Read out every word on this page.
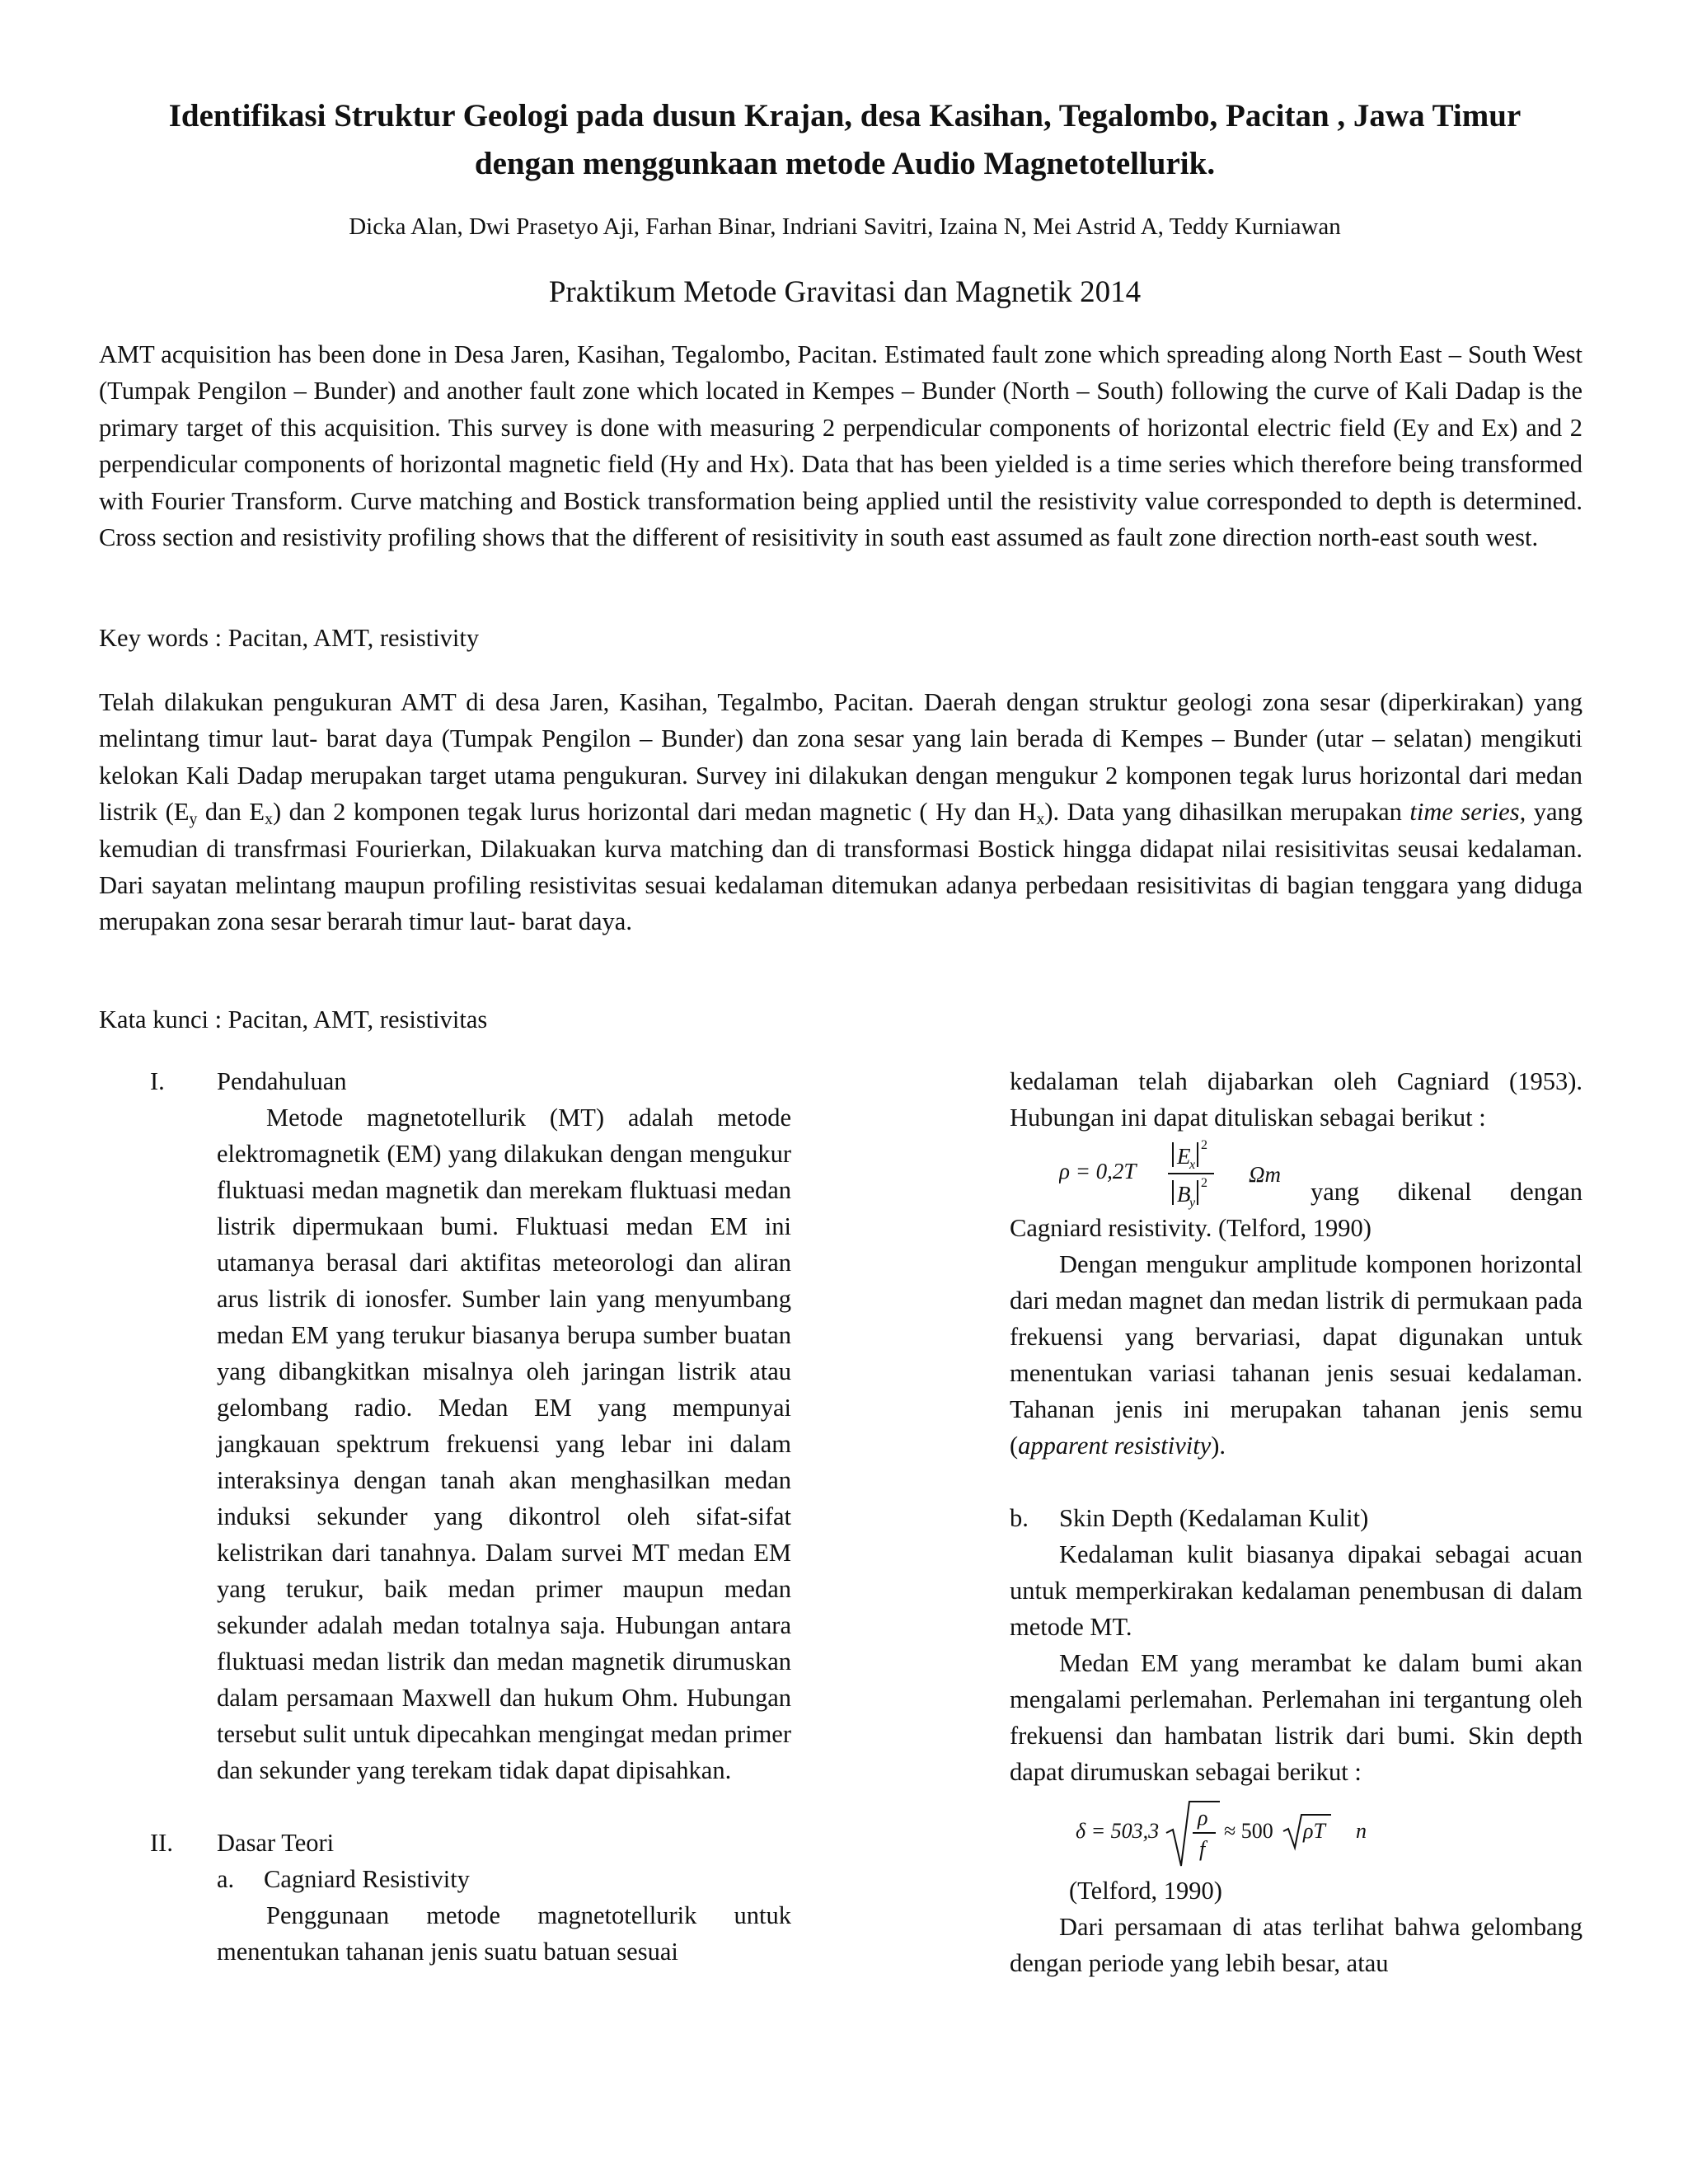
Identifikasi Struktur Geologi pada dusun Krajan, desa Kasihan, Tegalombo, Pacitan , Jawa Timur
dengan menggunkaan metode Audio Magnetotellurik.
Dicka Alan, Dwi Prasetyo Aji, Farhan Binar, Indriani Savitri, Izaina N, Mei Astrid A, Teddy Kurniawan
Praktikum Metode Gravitasi dan Magnetik 2014

AMT acquisition has been done in Desa Jaren, Kasihan, Tegalombo, Pacitan. Estimated fault zone which spreading along North East – South West (Tumpak Pengilon – Bunder) and another fault zone which located in Kempes – Bunder (North – South) following the curve of Kali Dadap is the primary target of this acquisition. This survey is done with measuring 2 perpendicular components of horizontal electric field (Ey and Ex) and 2 perpendicular components of horizontal magnetic field (Hy and Hx). Data that has been yielded is a time series which therefore being transformed with Fourier Transform. Curve matching and Bostick transformation being applied until the resistivity value corresponded to depth is determined. Cross section and resistivity profiling shows that the different of resisitivity in south east assumed as fault zone direction north-east south west.

Key words : Pacitan, AMT, resistivity

Telah dilakukan pengukuran AMT di desa Jaren, Kasihan, Tegalmbo, Pacitan. Daerah dengan struktur geologi zona sesar (diperkirakan) yang melintang timur laut- barat daya (Tumpak Pengilon – Bunder) dan zona sesar yang lain berada di Kempes – Bunder (utar – selatan) mengikuti kelokan Kali Dadap merupakan target utama pengukuran. Survey ini dilakukan dengan mengukur 2 komponen tegak lurus horizontal dari medan listrik ($E_y$ dan $E_x$) dan 2 komponen tegak lurus horizontal dari medan magnetic ( Hy dan $H_x$). Data yang dihasilkan merupakan time series, yang kemudian di transfrmasi Fourierkan, Dilakuakan kurva matching dan di transformasi Bostick hingga didapat nilai resisitivitas seusai kedalaman. Dari sayatan melintang maupun profiling resistivitas sesuai kedalaman ditemukan adanya perbedaan resisitivitas di bagian tenggara yang diduga merupakan zona sesar berarah timur laut- barat daya.

Kata kunci : Pacitan, AMT, resistivitas

I. Pendahuluan

Metode magnetotellurik (MT) adalah metode elektromagnetik (EM) yang dilakukan dengan mengukur fluktuasi medan magnetik dan merekam fluktuasi medan listrik dipermukaan bumi. Fluktuasi medan EM ini utamanya berasal dari aktifitas meteorologi dan aliran arus listrik di ionosfer. Sumber lain yang menyumbang medan EM yang terukur biasanya berupa sumber buatan yang dibangkitkan misalnya oleh jaringan listrik atau gelombang radio. Medan EM yang mempunyai jangkauan spektrum frekuensi yang lebar ini dalam interaksinya dengan tanah akan menghasilkan medan induksi sekunder yang dikontrol oleh sifat-sifat kelistrikan dari tanahnya. Dalam survei MT medan EM yang terukur, baik medan primer maupun medan sekunder adalah medan totalnya saja. Hubungan antara fluktuasi medan listrik dan medan magnetik dirumuskan dalam persamaan Maxwell dan hukum Ohm. Hubungan tersebut sulit untuk dipecahkan mengingat medan primer dan sekunder yang terekam tidak dapat dipisahkan.

II. Dasar Teori
a. Cagniard Resistivity

Penggunaan metode magnetotellurik untuk menentukan tahanan jenis suatu batuan sesuai

kedalaman telah dijabarkan oleh Cagniard (1953). Hubungan ini dapat dituliskan sebagai berikut :

ρ = 0,2T
E
x
2
B
y
2 Ωm

yang dikenal dengan Cagniard resistivity. (Telford, 1990)

Dengan mengukur amplitude komponen horizontal dari medan magnet dan medan listrik di permukaan pada frekuensi yang bervariasi, dapat digunakan untuk menentukan variasi tahanan jenis sesuai kedalaman. Tahanan jenis ini merupakan tahanan jenis semu (apparent resistivity).

b. Skin Depth (Kedalaman Kulit)

Kedalaman kulit biasanya dipakai sebagai acuan untuk memperkirakan kedalaman penembusan di dalam metode MT.

Medan EM yang merambat ke dalam bumi akan mengalami perlemahan. Perlemahan ini tergantung oleh frekuensi dan hambatan listrik dari bumi. Skin depth dapat dirumuskan sebagai berikut :

δ = 503,3
ρ
f
≈ 500 ρT n

(Telford, 1990)

Dari persamaan di atas terlihat bahwa gelombang dengan periode yang lebih besar, atau
